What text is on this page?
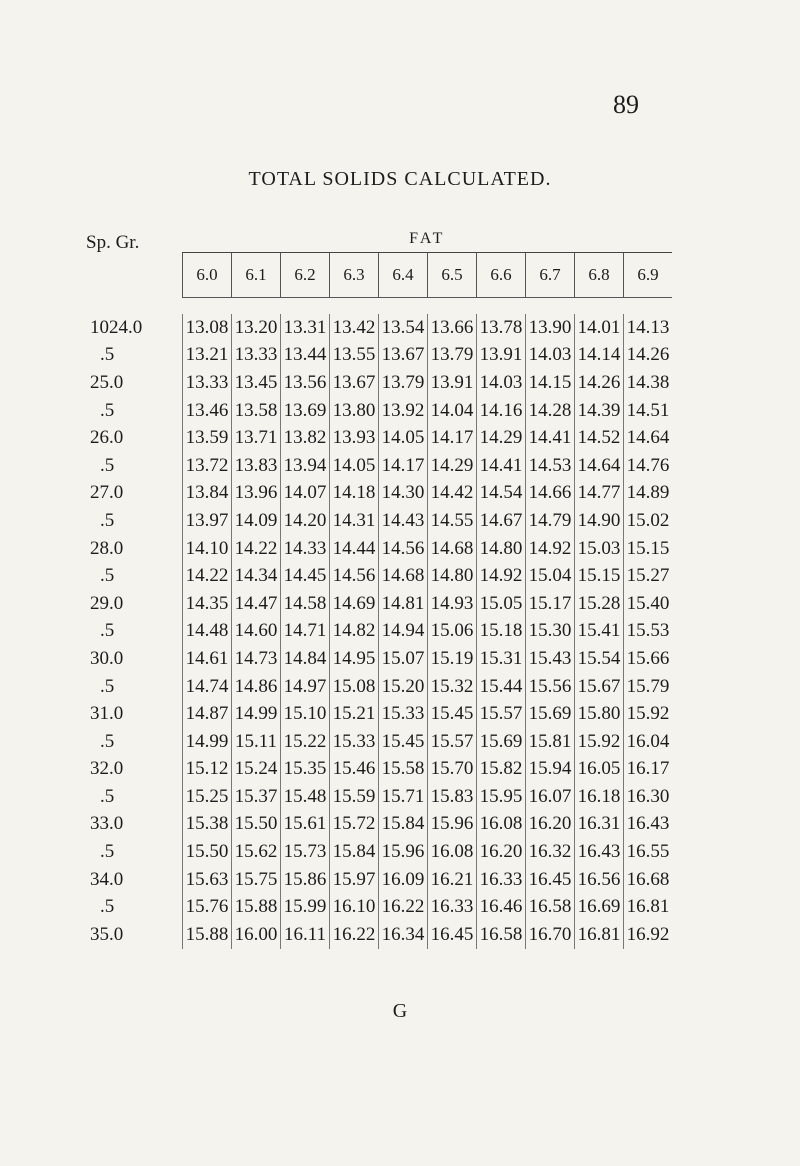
89
TOTAL SOLIDS CALCULATED.
Sp. Gr.	FAT									
	6.0	6.1	6.2	6.3	6.4	6.5	6.6	6.7	6.8	6.9

1024.0	13.08	13.20	13.31	13.42	13.54	13.66	13.78	13.90	14.01	14.13
.5	13.21	13.33	13.44	13.55	13.67	13.79	13.91	14.03	14.14	14.26
25.0	13.33	13.45	13.56	13.67	13.79	13.91	14.03	14.15	14.26	14.38
.5	13.46	13.58	13.69	13.80	13.92	14.04	14.16	14.28	14.39	14.51
26.0	13.59	13.71	13.82	13.93	14.05	14.17	14.29	14.41	14.52	14.64
.5	13.72	13.83	13.94	14.05	14.17	14.29	14.41	14.53	14.64	14.76
27.0	13.84	13.96	14.07	14.18	14.30	14.42	14.54	14.66	14.77	14.89
.5	13.97	14.09	14.20	14.31	14.43	14.55	14.67	14.79	14.90	15.02
28.0	14.10	14.22	14.33	14.44	14.56	14.68	14.80	14.92	15.03	15.15
.5	14.22	14.34	14.45	14.56	14.68	14.80	14.92	15.04	15.15	15.27
29.0	14.35	14.47	14.58	14.69	14.81	14.93	15.05	15.17	15.28	15.40
.5	14.48	14.60	14.71	14.82	14.94	15.06	15.18	15.30	15.41	15.53
30.0	14.61	14.73	14.84	14.95	15.07	15.19	15.31	15.43	15.54	15.66
.5	14.74	14.86	14.97	15.08	15.20	15.32	15.44	15.56	15.67	15.79
31.0	14.87	14.99	15.10	15.21	15.33	15.45	15.57	15.69	15.80	15.92
.5	14.99	15.11	15.22	15.33	15.45	15.57	15.69	15.81	15.92	16.04
32.0	15.12	15.24	15.35	15.46	15.58	15.70	15.82	15.94	16.05	16.17
.5	15.25	15.37	15.48	15.59	15.71	15.83	15.95	16.07	16.18	16.30
33.0	15.38	15.50	15.61	15.72	15.84	15.96	16.08	16.20	16.31	16.43
.5	15.50	15.62	15.73	15.84	15.96	16.08	16.20	16.32	16.43	16.55
34.0	15.63	15.75	15.86	15.97	16.09	16.21	16.33	16.45	16.56	16.68
.5	15.76	15.88	15.99	16.10	16.22	16.33	16.46	16.58	16.69	16.81
35.0	15.88	16.00	16.11	16.22	16.34	16.45	16.58	16.70	16.81	16.92
G
